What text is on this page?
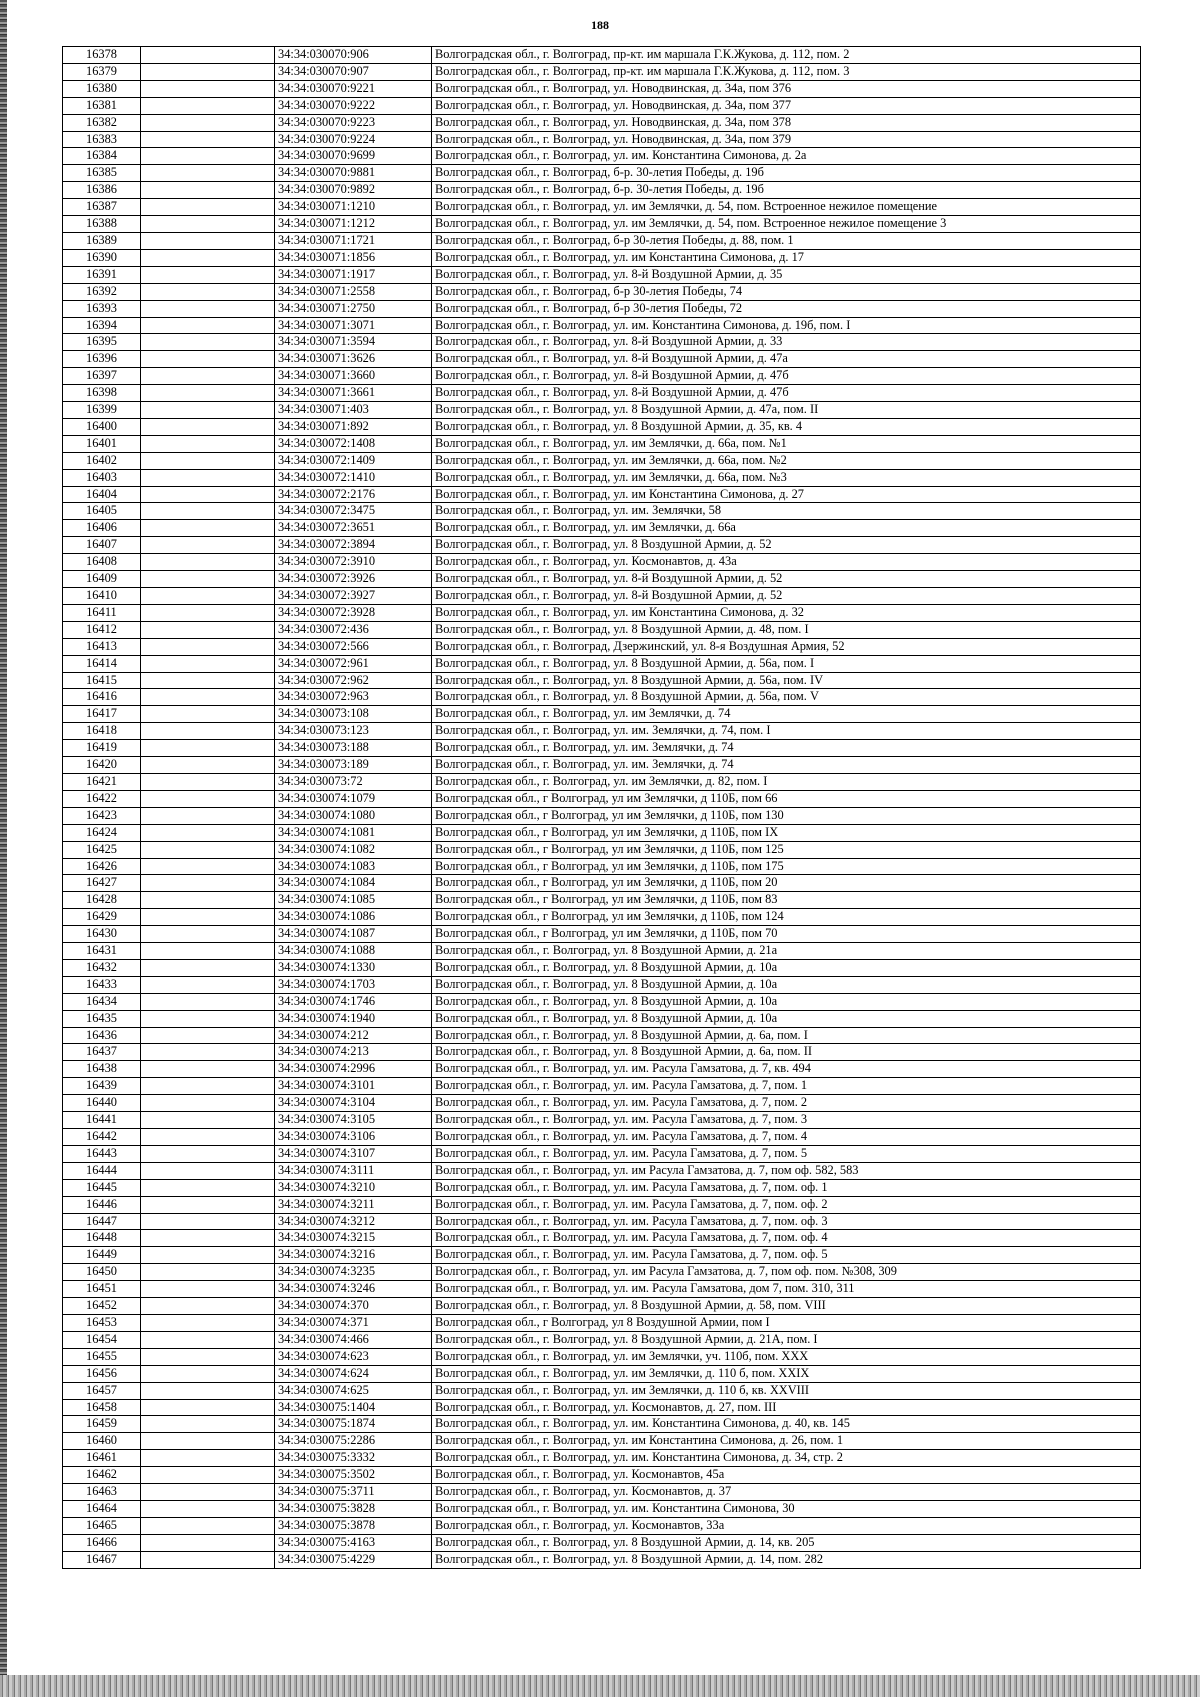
188
16378		34:34:030070:906	Волгоградская обл., г. Волгоград, пр-кт. им маршала Г.К.Жукова, д. 112, пом. 2
16379		34:34:030070:907	Волгоградская обл., г. Волгоград, пр-кт. им маршала Г.К.Жукова, д. 112, пом. 3
16380		34:34:030070:9221	Волгоградская обл., г. Волгоград, ул. Новодвинская, д. 34а, пом 376
16381		34:34:030070:9222	Волгоградская обл., г. Волгоград, ул. Новодвинская, д. 34а, пом 377
16382		34:34:030070:9223	Волгоградская обл., г. Волгоград, ул. Новодвинская, д. 34а, пом 378
16383		34:34:030070:9224	Волгоградская обл., г. Волгоград, ул. Новодвинская, д. 34а, пом 379
16384		34:34:030070:9699	Волгоградская обл., г. Волгоград, ул. им. Константина Симонова, д. 2а
16385		34:34:030070:9881	Волгоградская обл., г. Волгоград, б-р. 30-летия Победы, д. 19б
16386		34:34:030070:9892	Волгоградская обл., г. Волгоград, б-р. 30-летия Победы, д. 19б
16387		34:34:030071:1210	Волгоградская обл., г. Волгоград, ул. им Землячки, д. 54, пом. Встроенное нежилое помещение
16388		34:34:030071:1212	Волгоградская обл., г. Волгоград, ул. им Землячки, д. 54, пом. Встроенное нежилое помещение 3
16389		34:34:030071:1721	Волгоградская обл., г. Волгоград, б-р 30-летия Победы, д. 88, пом. 1
16390		34:34:030071:1856	Волгоградская обл., г. Волгоград, ул. им Константина Симонова, д. 17
16391		34:34:030071:1917	Волгоградская обл., г. Волгоград, ул. 8-й Воздушной Армии, д. 35
16392		34:34:030071:2558	Волгоградская обл., г. Волгоград, б-р 30-летия Победы, 74
16393		34:34:030071:2750	Волгоградская обл., г. Волгоград, б-р 30-летия Победы, 72
16394		34:34:030071:3071	Волгоградская обл., г. Волгоград, ул. им. Константина Симонова, д. 19б, пом. I
16395		34:34:030071:3594	Волгоградская обл., г. Волгоград, ул. 8-й Воздушной Армии, д. 33
16396		34:34:030071:3626	Волгоградская обл., г. Волгоград, ул. 8-й Воздушной Армии, д. 47а
16397		34:34:030071:3660	Волгоградская обл., г. Волгоград, ул. 8-й Воздушной Армии, д. 47б
16398		34:34:030071:3661	Волгоградская обл., г. Волгоград, ул. 8-й Воздушной Армии, д. 47б
16399		34:34:030071:403	Волгоградская обл., г. Волгоград, ул. 8 Воздушной Армии, д. 47а, пом. II
16400		34:34:030071:892	Волгоградская обл., г. Волгоград, ул. 8 Воздушной Армии, д. 35, кв. 4
16401		34:34:030072:1408	Волгоградская обл., г. Волгоград, ул. им Землячки, д. 66а, пом. №1
16402		34:34:030072:1409	Волгоградская обл., г. Волгоград, ул. им Землячки, д. 66а, пом. №2
16403		34:34:030072:1410	Волгоградская обл., г. Волгоград, ул. им Землячки, д. 66а, пом. №3
16404		34:34:030072:2176	Волгоградская обл., г. Волгоград, ул. им Константина Симонова, д. 27
16405		34:34:030072:3475	Волгоградская обл., г. Волгоград, ул. им. Землячки, 58
16406		34:34:030072:3651	Волгоградская обл., г. Волгоград, ул. им Землячки, д. 66а
16407		34:34:030072:3894	Волгоградская обл., г. Волгоград, ул. 8 Воздушной Армии, д. 52
16408		34:34:030072:3910	Волгоградская обл., г. Волгоград, ул. Космонавтов, д. 43а
16409		34:34:030072:3926	Волгоградская обл., г. Волгоград, ул. 8-й Воздушной Армии, д. 52
16410		34:34:030072:3927	Волгоградская обл., г. Волгоград, ул. 8-й Воздушной Армии, д. 52
16411		34:34:030072:3928	Волгоградская обл., г. Волгоград, ул. им Константина Симонова, д. 32
16412		34:34:030072:436	Волгоградская обл., г. Волгоград, ул. 8 Воздушной Армии, д. 48, пом. I
16413		34:34:030072:566	Волгоградская обл., г. Волгоград, Дзержинский, ул. 8-я Воздушная Армия, 52
16414		34:34:030072:961	Волгоградская обл., г. Волгоград, ул. 8 Воздушной Армии, д. 56а, пом. I
16415		34:34:030072:962	Волгоградская обл., г. Волгоград, ул. 8 Воздушной Армии, д. 56а, пом. IV
16416		34:34:030072:963	Волгоградская обл., г. Волгоград, ул. 8 Воздушной Армии, д. 56а, пом. V
16417		34:34:030073:108	Волгоградская обл., г. Волгоград, ул. им Землячки, д. 74
16418		34:34:030073:123	Волгоградская обл., г. Волгоград, ул. им. Землячки, д. 74, пом. I
16419		34:34:030073:188	Волгоградская обл., г. Волгоград, ул. им. Землячки, д. 74
16420		34:34:030073:189	Волгоградская обл., г. Волгоград, ул. им. Землячки, д. 74
16421		34:34:030073:72	Волгоградская обл., г. Волгоград, ул. им Землячки, д. 82, пом. I
16422		34:34:030074:1079	Волгоградская обл., г Волгоград, ул им Землячки, д 110Б, пом 66
16423		34:34:030074:1080	Волгоградская обл., г Волгоград, ул им Землячки, д 110Б, пом 130
16424		34:34:030074:1081	Волгоградская обл., г Волгоград, ул им Землячки, д 110Б, пом IX
16425		34:34:030074:1082	Волгоградская обл., г Волгоград, ул им Землячки, д 110Б, пом 125
16426		34:34:030074:1083	Волгоградская обл., г Волгоград, ул им Землячки, д 110Б, пом 175
16427		34:34:030074:1084	Волгоградская обл., г Волгоград, ул им Землячки, д 110Б, пом 20
16428		34:34:030074:1085	Волгоградская обл., г Волгоград, ул им Землячки, д 110Б, пом 83
16429		34:34:030074:1086	Волгоградская обл., г Волгоград, ул им Землячки, д 110Б, пом 124
16430		34:34:030074:1087	Волгоградская обл., г Волгоград, ул им Землячки, д 110Б, пом 70
16431		34:34:030074:1088	Волгоградская обл., г. Волгоград, ул. 8 Воздушной Армии, д. 21а
16432		34:34:030074:1330	Волгоградская обл., г. Волгоград, ул. 8 Воздушной Армии, д. 10а
16433		34:34:030074:1703	Волгоградская обл., г. Волгоград, ул. 8 Воздушной Армии, д. 10а
16434		34:34:030074:1746	Волгоградская обл., г. Волгоград, ул. 8 Воздушной Армии, д. 10а
16435		34:34:030074:1940	Волгоградская обл., г. Волгоград, ул. 8 Воздушной Армии, д. 10а
16436		34:34:030074:212	Волгоградская обл., г. Волгоград, ул. 8 Воздушной Армии, д. 6а, пом. I
16437		34:34:030074:213	Волгоградская обл., г. Волгоград, ул. 8 Воздушной Армии, д. 6а, пом. II
16438		34:34:030074:2996	Волгоградская обл., г. Волгоград, ул. им. Расула Гамзатова, д. 7, кв. 494
16439		34:34:030074:3101	Волгоградская обл., г. Волгоград, ул. им. Расула Гамзатова, д. 7, пом. 1
16440		34:34:030074:3104	Волгоградская обл., г. Волгоград, ул. им. Расула Гамзатова, д. 7, пом. 2
16441		34:34:030074:3105	Волгоградская обл., г. Волгоград, ул. им. Расула Гамзатова, д. 7, пом. 3
16442		34:34:030074:3106	Волгоградская обл., г. Волгоград, ул. им. Расула Гамзатова, д. 7, пом. 4
16443		34:34:030074:3107	Волгоградская обл., г. Волгоград, ул. им. Расула Гамзатова, д. 7, пом. 5
16444		34:34:030074:3111	Волгоградская обл., г. Волгоград, ул. им Расула Гамзатова, д. 7, пом оф. 582, 583
16445		34:34:030074:3210	Волгоградская обл., г. Волгоград, ул. им. Расула Гамзатова, д. 7, пом. оф. 1
16446		34:34:030074:3211	Волгоградская обл., г. Волгоград, ул. им. Расула Гамзатова, д. 7, пом. оф. 2
16447		34:34:030074:3212	Волгоградская обл., г. Волгоград, ул. им. Расула Гамзатова, д. 7, пом. оф. 3
16448		34:34:030074:3215	Волгоградская обл., г. Волгоград, ул. им. Расула Гамзатова, д. 7, пом. оф. 4
16449		34:34:030074:3216	Волгоградская обл., г. Волгоград, ул. им. Расула Гамзатова, д. 7, пом. оф. 5
16450		34:34:030074:3235	Волгоградская обл., г. Волгоград, ул. им Расула Гамзатова, д. 7, пом оф. пом. №308, 309
16451		34:34:030074:3246	Волгоградская обл., г. Волгоград, ул. им. Расула Гамзатова, дом 7, пом. 310, 311
16452		34:34:030074:370	Волгоградская обл., г. Волгоград, ул. 8 Воздушной Армии, д. 58, пом. VIII
16453		34:34:030074:371	Волгоградская обл., г Волгоград, ул 8 Воздушной Армии, пом I
16454		34:34:030074:466	Волгоградская обл., г. Волгоград, ул. 8 Воздушной Армии, д. 21А, пом. I
16455		34:34:030074:623	Волгоградская обл., г. Волгоград, ул. им Землячки, уч. 110б, пом. XXX
16456		34:34:030074:624	Волгоградская обл., г. Волгоград, ул. им Землячки, д. 110 б, пом. XXIX
16457		34:34:030074:625	Волгоградская обл., г. Волгоград, ул. им Землячки, д. 110 б, кв. XXVIII
16458		34:34:030075:1404	Волгоградская обл., г. Волгоград, ул. Космонавтов, д. 27, пом. III
16459		34:34:030075:1874	Волгоградская обл., г. Волгоград, ул. им. Константина Симонова, д. 40, кв. 145
16460		34:34:030075:2286	Волгоградская обл., г. Волгоград, ул. им Константина Симонова, д. 26, пом. 1
16461		34:34:030075:3332	Волгоградская обл., г. Волгоград, ул. им. Константина Симонова, д. 34, стр. 2
16462		34:34:030075:3502	Волгоградская обл., г. Волгоград, ул. Космонавтов, 45а
16463		34:34:030075:3711	Волгоградская обл., г. Волгоград, ул. Космонавтов, д. 37
16464		34:34:030075:3828	Волгоградская обл., г. Волгоград, ул. им. Константина Симонова, 30
16465		34:34:030075:3878	Волгоградская обл., г. Волгоград, ул. Космонавтов, 33а
16466		34:34:030075:4163	Волгоградская обл., г. Волгоград, ул. 8 Воздушной Армии, д. 14, кв. 205
16467		34:34:030075:4229	Волгоградская обл., г. Волгоград, ул. 8 Воздушной Армии, д. 14, пом. 282
